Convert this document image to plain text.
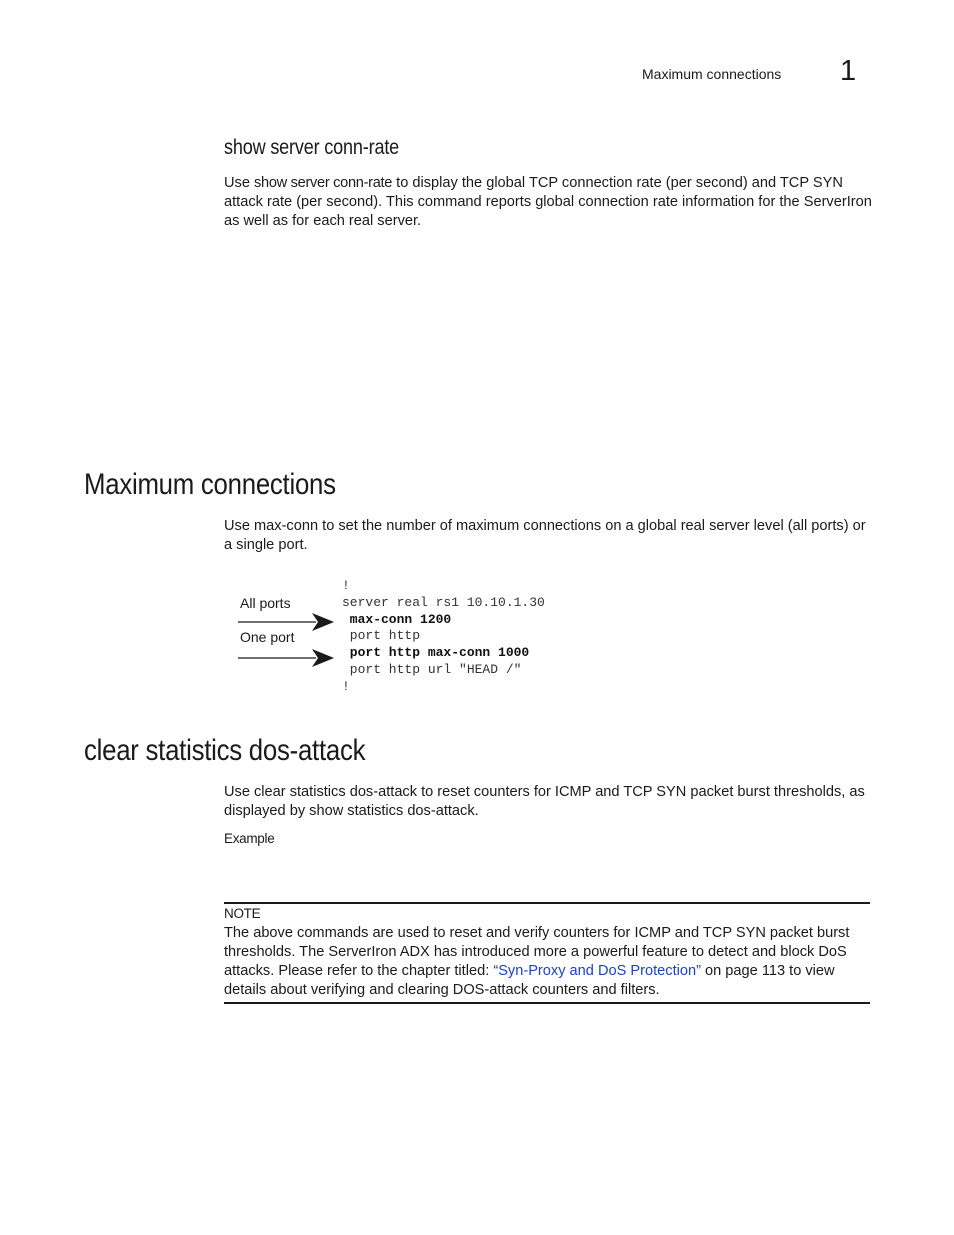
Maximum connections 1
show server conn-rate

Use show server conn-rate to display the global TCP connection rate (per second) and TCP SYN attack rate (per second). This command reports global connection rate information for the ServerIron as well as for each real server.

Maximum connections
Use max-conn to set the number of maximum connections on a global real server level (all ports) or a single port.
All ports
One port
!
server real rs1 10.10.1.30
max-conn 1200
port http
port http max-conn 1000
port http url "HEAD /"
!
clear statistics dos-attack
Use clear statistics dos-attack to reset counters for ICMP and TCP SYN packet burst thresholds, as displayed by show statistics dos-attack.
Example
NOTE

The above commands are used to reset and verify counters for ICMP and TCP SYN packet burst thresholds. The ServerIron ADX has introduced more a powerful feature to detect and block DoS attacks. Please refer to the chapter titled: “Syn-Proxy and DoS Protection” on page 113 to view details about verifying and clearing DOS-attack counters and filters.
